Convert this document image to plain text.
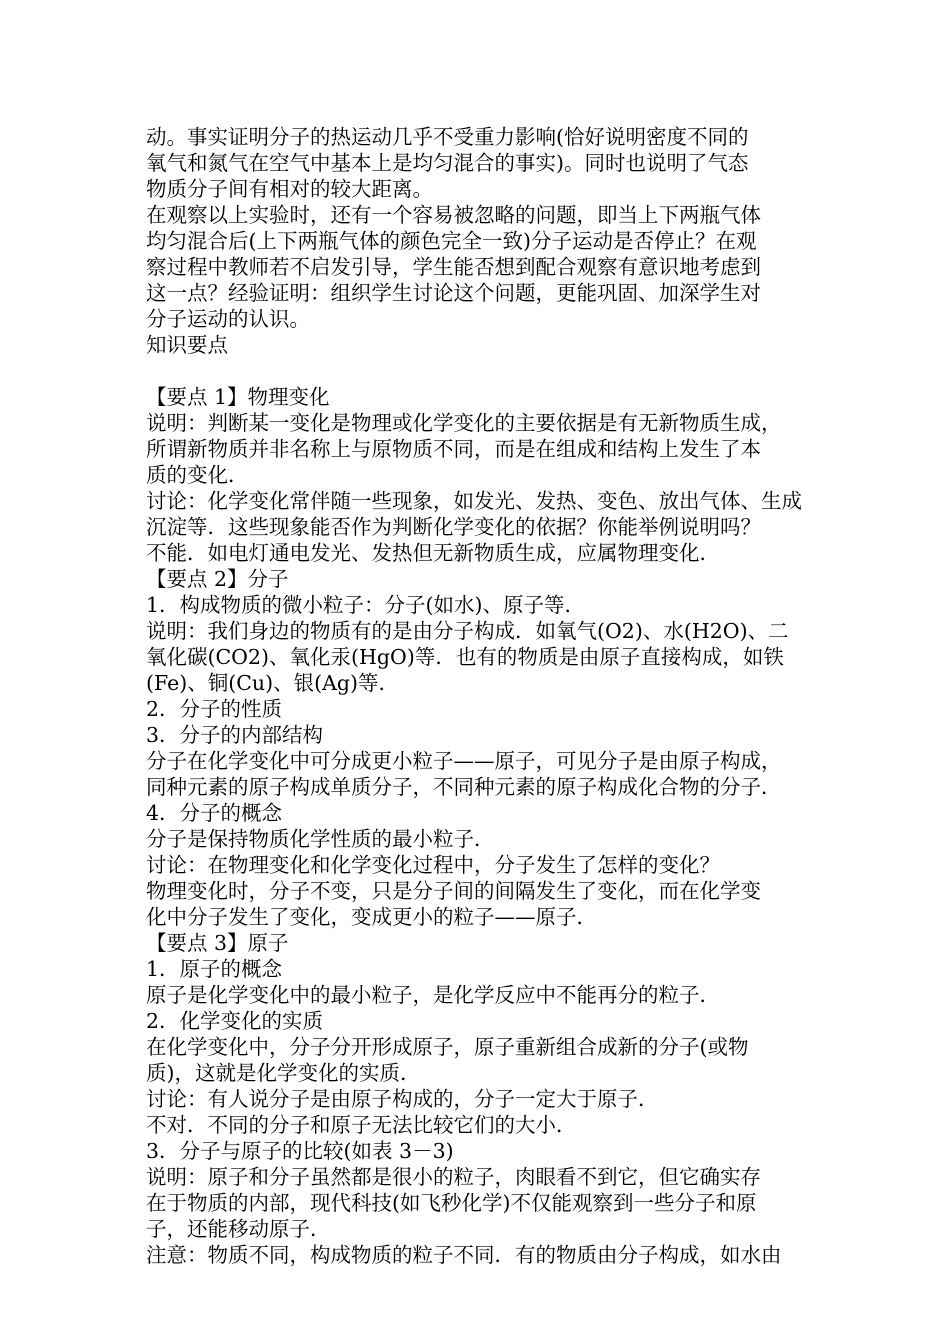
动。事实证明分子的热运动几乎不受重力影响(恰好说明密度不同的
氧气和氮气在空气中基本上是均匀混合的事实)。同时也说明了气态
物质分子间有相对的较大距离。
在观察以上实验时，还有一个容易被忽略的问题，即当上下两瓶气体
均匀混合后(上下两瓶气体的颜色完全一致)分子运动是否停止？在观
察过程中教师若不启发引导，学生能否想到配合观察有意识地考虑到
这一点？经验证明：组织学生讨论这个问题，更能巩固、加深学生对
分子运动的认识。
知识要点
【要点 1】物理变化
说明：判断某一变化是物理或化学变化的主要依据是有无新物质生成，
所谓新物质并非名称上与原物质不同，而是在组成和结构上发生了本
质的变化．
讨论：化学变化常伴随一些现象，如发光、发热、变色、放出气体、生成
沉淀等．这些现象能否作为判断化学变化的依据？你能举例说明吗？
不能．如电灯通电发光、发热但无新物质生成，应属物理变化．
【要点 2】分子
1．构成物质的微小粒子：分子(如水)、原子等．
说明：我们身边的物质有的是由分子构成．如氧气(O2)、水(H2O)、二
氧化碳(CO2)、氧化汞(HgO)等．也有的物质是由原子直接构成，如铁
(Fe)、铜(Cu)、银(Ag)等．
2．分子的性质
3．分子的内部结构
分子在化学变化中可分成更小粒子——原子，可见分子是由原子构成，
同种元素的原子构成单质分子，不同种元素的原子构成化合物的分子．
4．分子的概念
分子是保持物质化学性质的最小粒子．
讨论：在物理变化和化学变化过程中，分子发生了怎样的变化？
物理变化时，分子不变，只是分子间的间隔发生了变化，而在化学变
化中分子发生了变化，变成更小的粒子——原子．
【要点 3】原子
1．原子的概念
原子是化学变化中的最小粒子，是化学反应中不能再分的粒子．
2．化学变化的实质
在化学变化中，分子分开形成原子，原子重新组合成新的分子(或物
质)，这就是化学变化的实质．
讨论：有人说分子是由原子构成的，分子一定大于原子．
不对．不同的分子和原子无法比较它们的大小．
3．分子与原子的比较(如表 3－3)
说明：原子和分子虽然都是很小的粒子，肉眼看不到它，但它确实存
在于物质的内部，现代科技(如飞秒化学)不仅能观察到一些分子和原
子，还能移动原子．
注意：物质不同，构成物质的粒子不同．有的物质由分子构成，如水由
